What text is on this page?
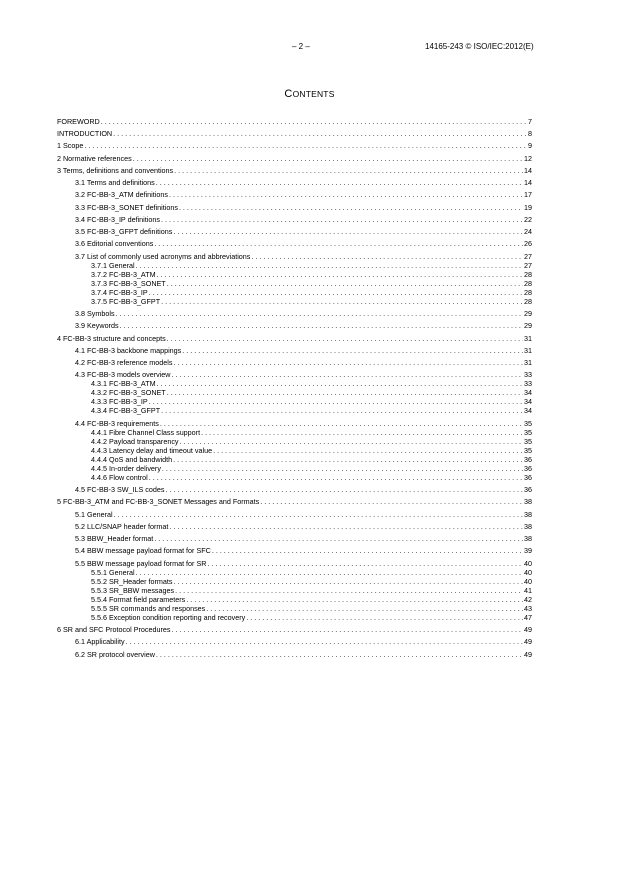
– 2 –	14165-243 © ISO/IEC:2012(E)
CONTENTS
FOREWORD . . .	7
INTRODUCTION . . .	8
1 Scope . . .	9
2 Normative references . . .	12
3 Terms, definitions and conventions . . .	14
3.1 Terms and definitions . . .	14
3.2 FC-BB-3_ATM definitions . . .	17
3.3 FC-BB-3_SONET definitions . . .	19
3.4 FC-BB-3_IP definitions . . .	22
3.5 FC-BB-3_GFPT definitions . . .	24
3.6 Editorial conventions . . .	26
3.7 List of commonly used acronyms and abbreviations . . .	27
3.7.1 General . . .	27
3.7.2 FC-BB-3_ATM . . .	28
3.7.3 FC-BB-3_SONET . . .	28
3.7.4 FC-BB-3_IP . . .	28
3.7.5 FC-BB-3_GFPT . . .	28
3.8 Symbols . . .	29
3.9 Keywords . . .	29
4 FC-BB-3 structure and concepts . . .	31
4.1 FC-BB-3 backbone mappings . . .	31
4.2 FC-BB-3 reference models . . .	31
4.3 FC-BB-3 models overview . . .	33
4.3.1 FC-BB-3_ATM . . .	33
4.3.2 FC-BB-3_SONET . . .	34
4.3.3 FC-BB-3_IP . . .	34
4.3.4 FC-BB-3_GFPT . . .	34
4.4 FC-BB-3 requirements . . .	35
4.4.1 Fibre Channel Class support . . .	35
4.4.2 Payload transparency . . .	35
4.4.3 Latency delay and timeout value . . .	35
4.4.4 QoS and bandwidth . . .	36
4.4.5 In-order delivery . . .	36
4.4.6 Flow control . . .	36
4.5 FC-BB-3 SW_ILS codes . . .	36
5 FC-BB-3_ATM and FC-BB-3_SONET Messages and Formats . . .	38
5.1 General . . .	38
5.2 LLC/SNAP header format . . .	38
5.3 BBW_Header format . . .	38
5.4 BBW message payload format for SFC . . .	39
5.5 BBW message payload format for SR . . .	40
5.5.1 General . . .	40
5.5.2 SR_Header formats . . .	40
5.5.3 SR_BBW messages . . .	41
5.5.4 Format field parameters . . .	42
5.5.5 SR commands and responses . . .	43
5.5.6 Exception condition reporting and recovery . . .	47
6 SR and SFC Protocol Procedures . . .	49
6.1 Applicability . . .	49
6.2 SR protocol overview . . .	49
